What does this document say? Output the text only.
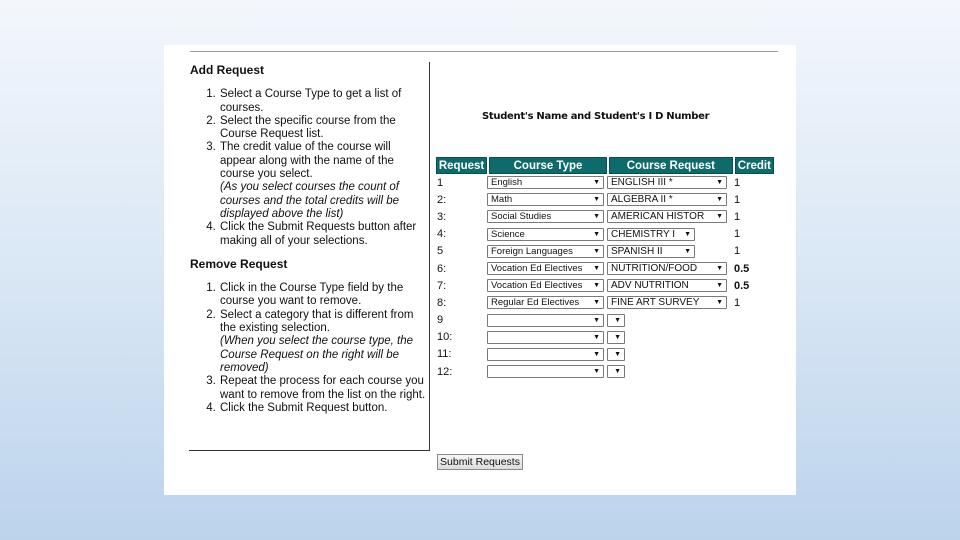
Add Request
1. Select a Course Type to get a list of courses.
2. Select the specific course from the Course Request list.
3. The credit value of the course will appear along with the name of the course you select.
(As you select courses the count of courses and the total credits will be displayed above the list)
4. Click the Submit Requests button after making all of your selections.
Remove Request
1. Click in the Course Type field by the course you want to remove.
2. Select a category that is different from the existing selection.
(When you select the course type, the Course Request on the right will be removed)
3. Repeat the process for each course you want to remove from the list on the right.
4. Click the Submit Request button.
Student's Name and Student's I D Number
Request	Course Type	Course Request	Credit
1	English	▼	ENGLISH III *	▼ 1
2:	Math	▼	ALGEBRA II *	▼ 1
3:	Social Studies	▼	AMERICAN HISTOR ▼ 1
4:	Science	▼	CHEMISTRY I ▼	1
5	Foreign Languages	▼	SPANISH II	▼	1
6:	Vocation Ed Electives ▼	NUTRITION/FOOD	▼ 0.5
7:	Vocation Ed Electives ▼	ADV NUTRITION	▼ 0.5
8:	Regular Ed Electives ▼	FINE ART SURVEY ▼ 1
9	▼ ▼
10:	▼ ▼
11:	▼ ▼
12:	▼ ▼
Submit Requests
